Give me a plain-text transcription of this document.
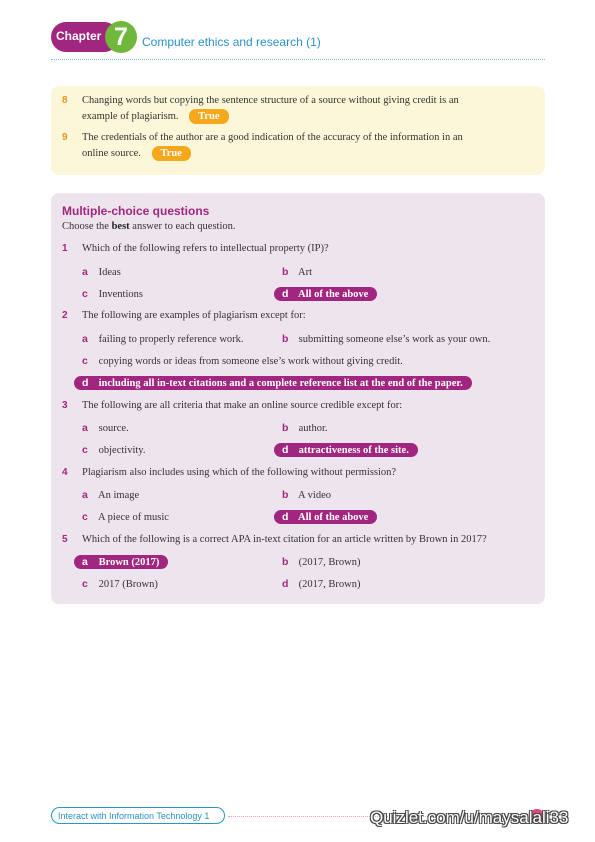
Chapter 7	Computer ethics and research (1)
8 Changing words but copying the sentence structure of a source without giving credit is an
example of plagiarism. True
9 The credentials of the author are a good indication of the accuracy of the information in an
online source. True
Multiple-choice questions
Choose the best answer to each question.
1 Which of the following refers to intellectual property (IP)?
a Ideas	b Art
c Inventions	d All of the above
2 The following are examples of plagiarism except for:
a failing to properly reference work.	b submitting someone else’s work as your own.
c copying words or ideas from someone else’s work without giving credit.
d including all in-text citations and a complete reference list at the end of the paper.
3 The following are all criteria that make an online source credible except for:
a source.	b author.
c objectivity.	d attractiveness of the site.
4 Plagiarism also includes using which of the following without permission?
a An image	b A video
c A piece of music	d All of the above
5 Which of the following is a correct APA in-text citation for an article written by Brown in 2017?
a Brown (2017)	b (2017, Brown)
c 2017 (Brown)	d (2017, Brown)
Interact with Information Technology 1	Quizlet.com/u/maysalali33
